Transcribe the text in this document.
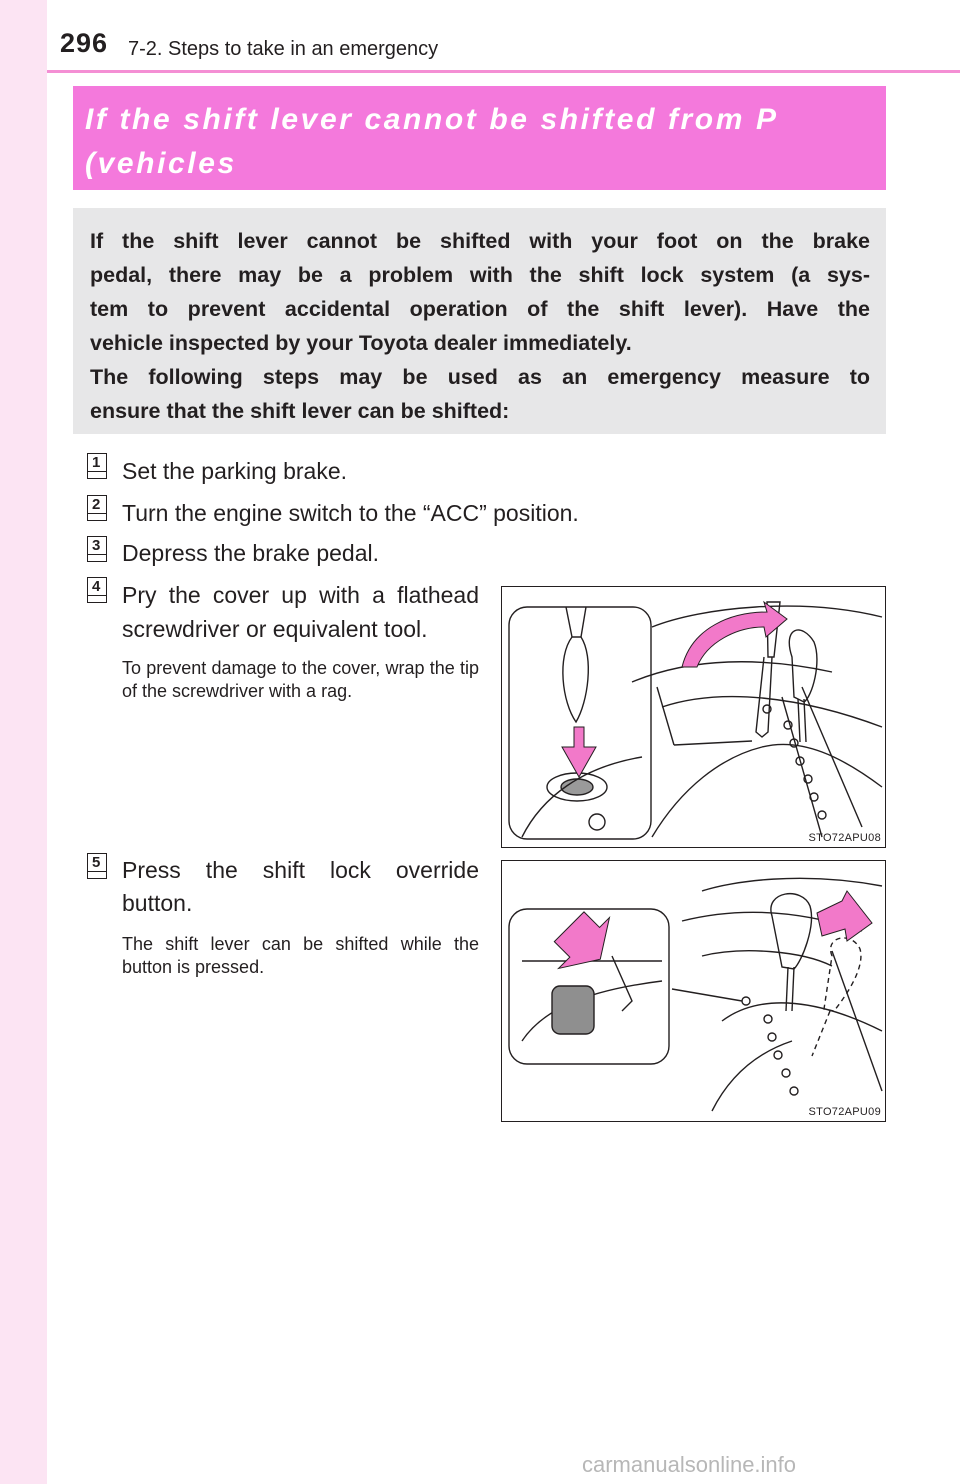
296 7-2. Steps to take in an emergency
If the shift lever cannot be shifted from P (vehicles

If the shift lever cannot be shifted with your foot on the brake

pedal, there may be a problem with the shift lock system (a sys-

tem to prevent accidental operation of the shift lever). Have the

vehicle inspected by your Toyota dealer immediately.

The following steps may be used as an emergency measure to

ensure that the shift lever can be shifted:

1 Set the parking brake.
2 Turn the engine switch to the “ACC” position.
3 Depress the brake pedal.
4 Pry the cover up with a flathead
screwdriver or equivalent tool.
To prevent damage to the cover, wrap the tip of the screwdriver with a rag.
STO72APU08
5 Press the shift lock override
button.
The shift lever can be shifted while the button is pressed.
STO72APU09
carmanualsonline.info
